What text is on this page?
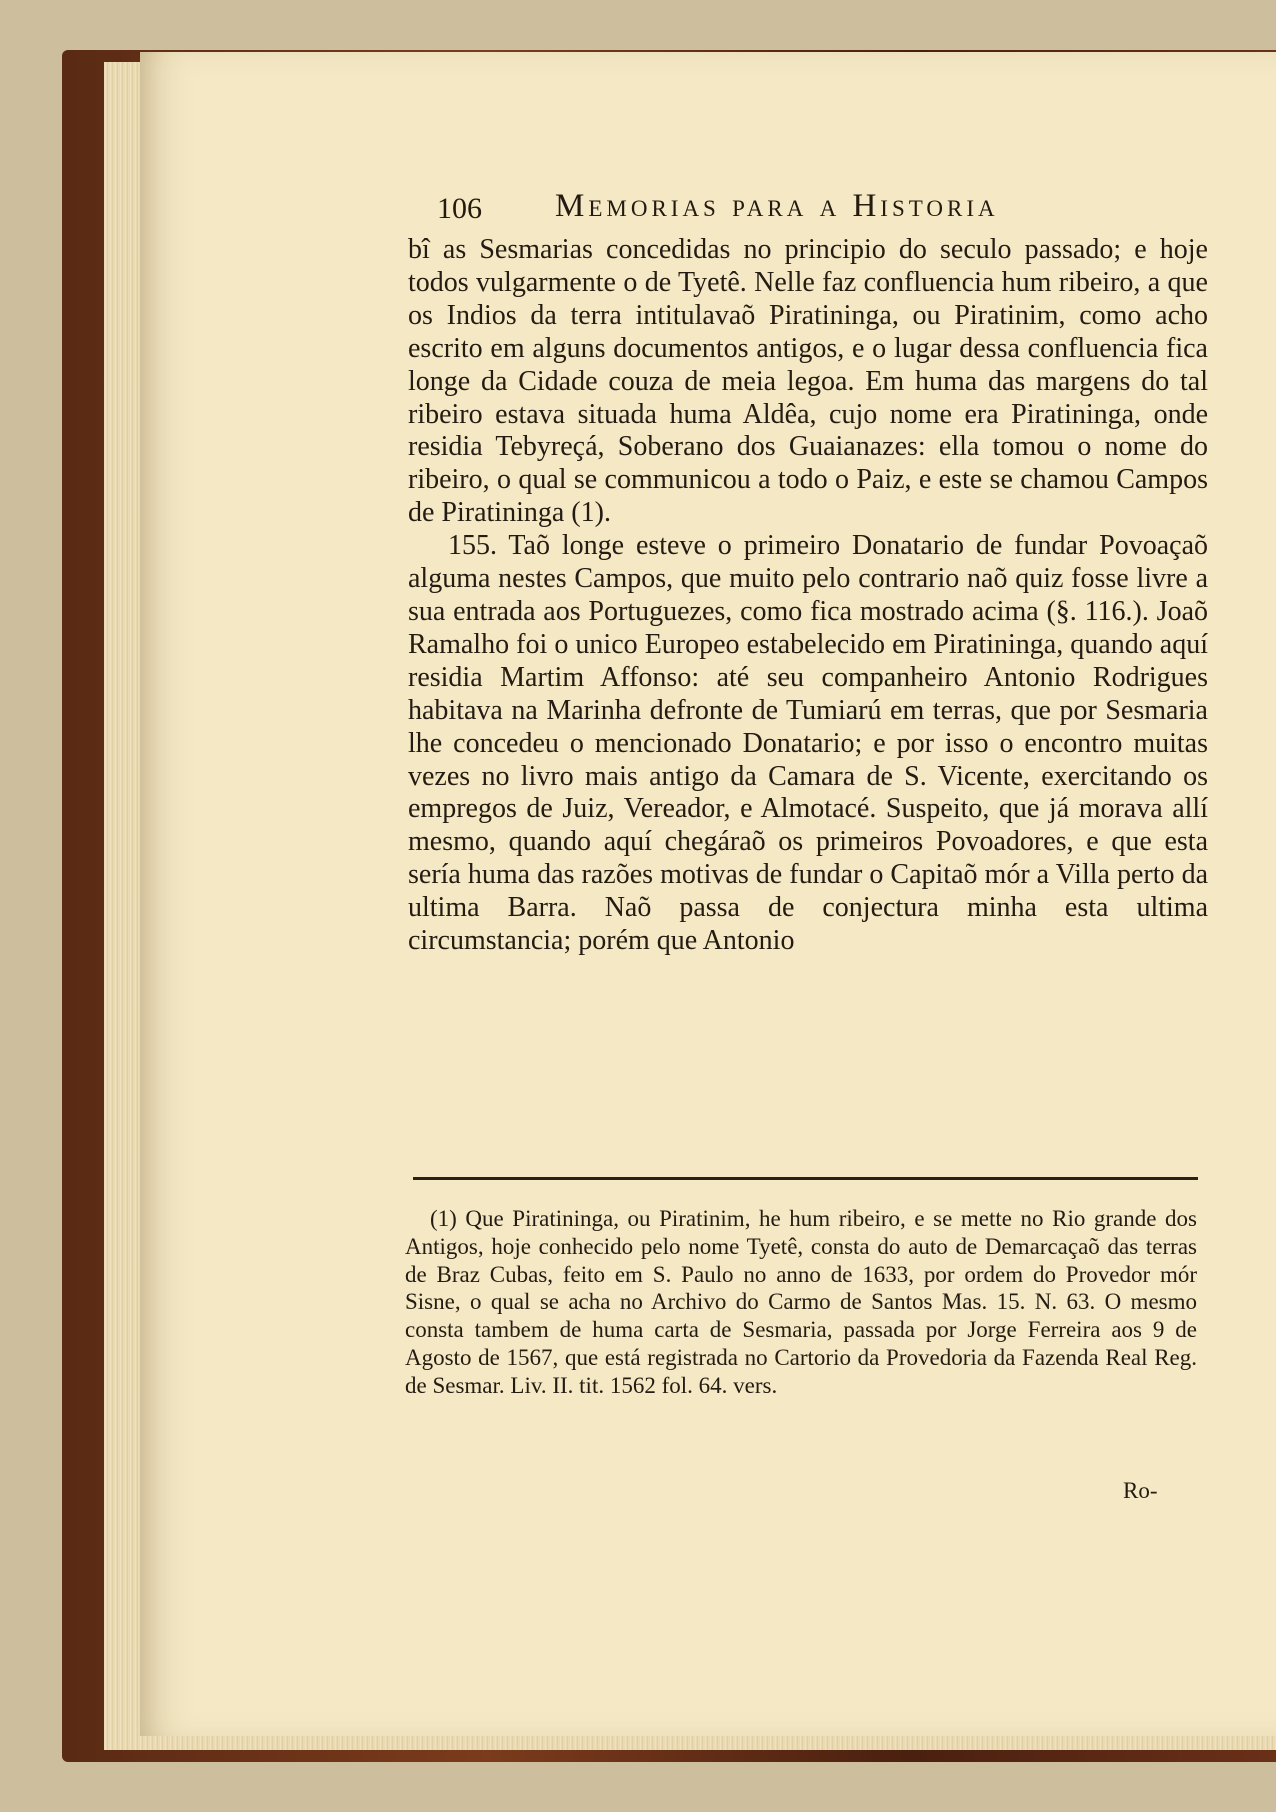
106 Memorias para a Historia

bî as Sesmarias concedidas no principio do seculo passado; e hoje todos vulgarmente o de Tyetê. Nelle faz confluencia hum ribeiro, a que os Indios da terra intitulavaõ Piratininga, ou Piratinim, como acho escrito em alguns documentos antigos, e o lugar dessa confluencia fica longe da Cidade couza de meia legoa. Em huma das margens do tal ribeiro estava situada huma Aldêa, cujo nome era Piratininga, onde residia Tebyreçá, Soberano dos Guaianazes: ella tomou o nome do ribeiro, o qual se communicou a todo o Paiz, e este se chamou Campos de Piratininga (1).

155. Taõ longe esteve o primeiro Donatario de fundar Povoaçaõ alguma nestes Campos, que muito pelo contrario naõ quiz fosse livre a sua entrada aos Portuguezes, como fica mostrado acima (§. 116.). Joaõ Ramalho foi o unico Europeo estabelecido em Piratininga, quando aquí residia Martim Affonso: até seu companheiro Antonio Rodrigues habitava na Marinha defronte de Tumiarú em terras, que por Sesmaria lhe concedeu o mencionado Donatario; e por isso o encontro muitas vezes no livro mais antigo da Camara de S. Vicente, exercitando os empregos de Juiz, Vereador, e Almotacé. Suspeito, que já morava allí mesmo, quando aquí chegáraõ os primeiros Povoadores, e que esta sería huma das razões motivas de fundar o Capitaõ mór a Villa perto da ultima Barra. Naõ passa de conjectura minha esta ultima circumstancia; porém que Antonio

(1) Que Piratininga, ou Piratinim, he hum ribeiro, e se mette no Rio grande dos Antigos, hoje conhecido pelo nome Tyetê, consta do auto de Demarcaçaõ das terras de Braz Cubas, feito em S. Paulo no anno de 1633, por ordem do Provedor mór Sisne, o qual se acha no Archivo do Carmo de Santos Mas. 15. N. 63. O mesmo consta tambem de huma carta de Sesmaria, passada por Jorge Ferreira aos 9 de Agosto de 1567, que está registrada no Cartorio da Provedoria da Fazenda Real Reg. de Sesmar. Liv. II. tit. 1562 fol. 64. vers.

Ro-
